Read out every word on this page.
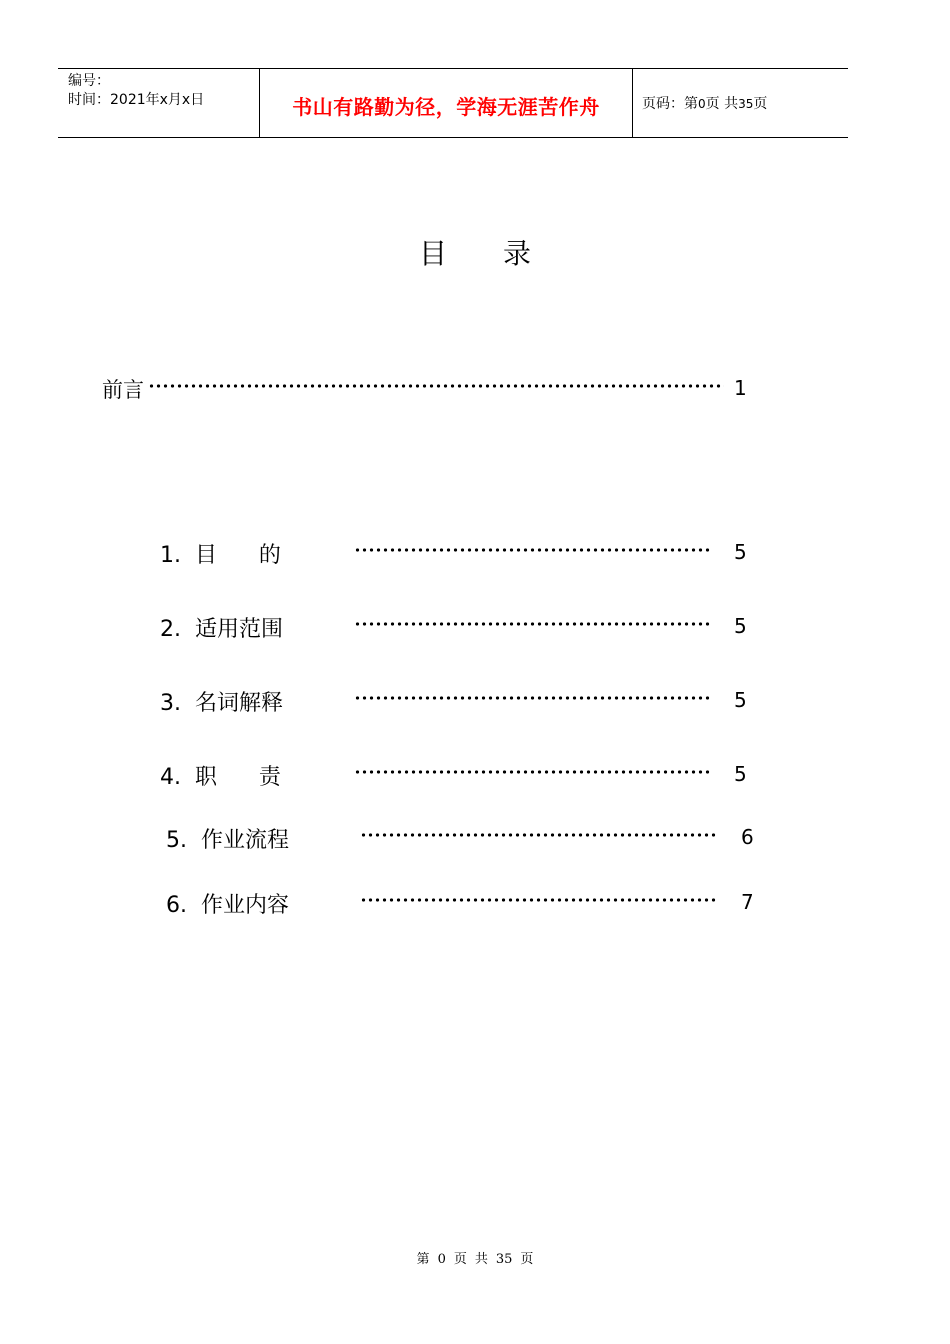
编号：
时间：2021年x月x日	书山有路勤为径，学海无涯苦作舟	页码：第0页 共35页
目录
前言	1
1.  目      的	5
2.  适用范围	5
3.  名词解释	5
4.  职      责	5
5.  作业流程	6
6.  作业内容	7
第 0 页 共 35 页
